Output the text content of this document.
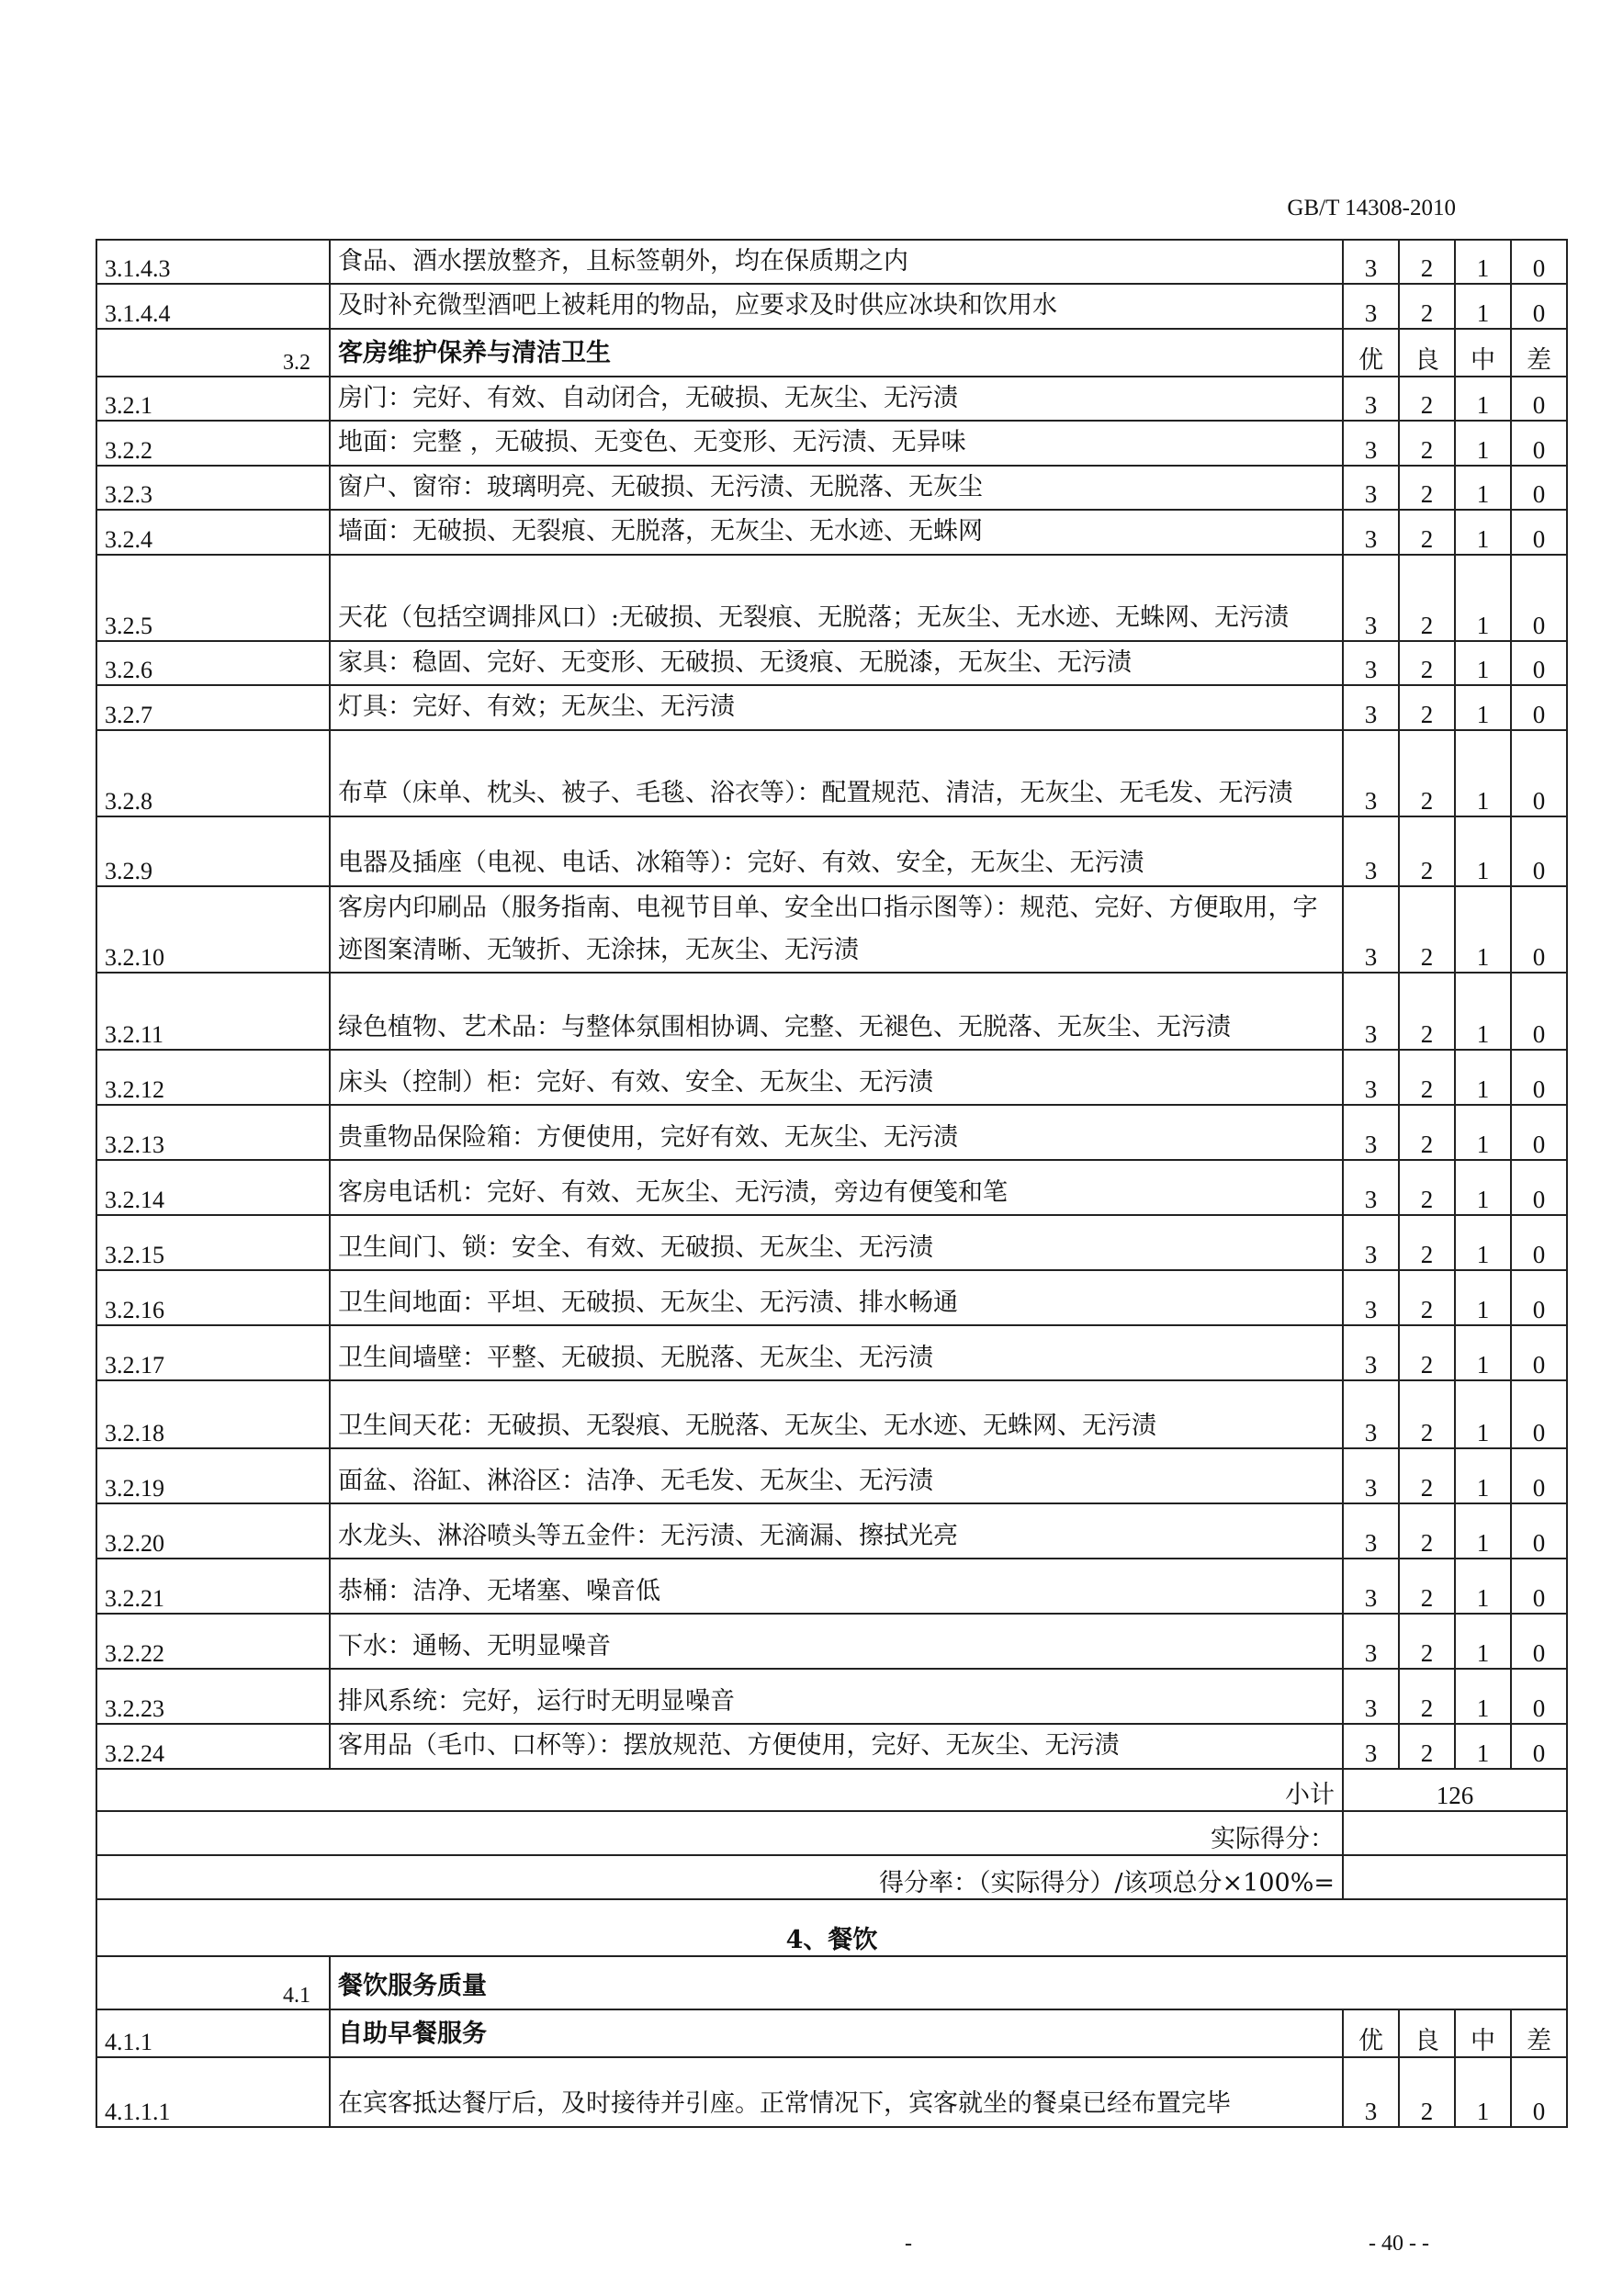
GB/T 14308-2010
3.1.4.3	食品、酒水摆放整齐，且标签朝外，均在保质期之内	3	2	1	0
3.1.4.4	及时补充微型酒吧上被耗用的物品，应要求及时供应冰块和饮用水	3	2	1	0
3.2	客房维护保养与清洁卫生	优	良	中	差
3.2.1	房门：完好、有效、自动闭合，无破损、无灰尘、无污渍	3	2	1	0
3.2.2	地面：完整 ，无破损、无变色、无变形、无污渍、无异味	3	2	1	0
3.2.3	窗户、窗帘：玻璃明亮、无破损、无污渍、无脱落、无灰尘	3	2	1	0
3.2.4	墙面：无破损、无裂痕、无脱落，无灰尘、无水迹、无蛛网	3	2	1	0
3.2.5	天花（包括空调排风口）:无破损、无裂痕、无脱落；无灰尘、无水迹、无蛛网、无污渍	3	2	1	0
3.2.6	家具：稳固、完好、无变形、无破损、无烫痕、无脱漆，无灰尘、无污渍	3	2	1	0
3.2.7	灯具：完好、有效；无灰尘、无污渍	3	2	1	0
3.2.8	布草（床单、枕头、被子、毛毯、浴衣等）：配置规范、清洁，无灰尘、无毛发、无污渍	3	2	1	0
3.2.9	电器及插座（电视、电话、冰箱等）：完好、有效、安全，无灰尘、无污渍	3	2	1	0
3.2.10	客房内印刷品（服务指南、电视节目单、安全出口指示图等）：规范、完好、方便取用，字迹图案清晰、无皱折、无涂抹，无灰尘、无污渍	3	2	1	0
3.2.11	绿色植物、艺术品：与整体氛围相协调、完整、无褪色、无脱落、无灰尘、无污渍	3	2	1	0
3.2.12	床头（控制）柜：完好、有效、安全、无灰尘、无污渍	3	2	1	0
3.2.13	贵重物品保险箱：方便使用，完好有效、无灰尘、无污渍	3	2	1	0
3.2.14	客房电话机：完好、有效、无灰尘、无污渍，旁边有便笺和笔	3	2	1	0
3.2.15	卫生间门、锁：安全、有效、无破损、无灰尘、无污渍	3	2	1	0
3.2.16	卫生间地面：平坦、无破损、无灰尘、无污渍、排水畅通	3	2	1	0
3.2.17	卫生间墙壁：平整、无破损、无脱落、无灰尘、无污渍	3	2	1	0
3.2.18	卫生间天花：无破损、无裂痕、无脱落、无灰尘、无水迹、无蛛网、无污渍	3	2	1	0
3.2.19	面盆、浴缸、淋浴区：洁净、无毛发、无灰尘、无污渍	3	2	1	0
3.2.20	水龙头、淋浴喷头等五金件：无污渍、无滴漏、擦拭光亮	3	2	1	0
3.2.21	恭桶：洁净、无堵塞、噪音低	3	2	1	0
3.2.22	下水：通畅、无明显噪音	3	2	1	0
3.2.23	排风系统：完好，运行时无明显噪音	3	2	1	0
3.2.24	客用品（毛巾、口杯等）：摆放规范、方便使用，完好、无灰尘、无污渍	3	2	1	0
小计		126			
实际得分：					
得分率：（实际得分）/该项总分×100%=					
4、餐饮					
4.1	餐饮服务质量				
4.1.1	自助早餐服务	优	良	中	差
4.1.1.1	在宾客抵达餐厅后，及时接待并引座。正常情况下，宾客就坐的餐桌已经布置完毕	3	2	1	0
-	- 40 - -
